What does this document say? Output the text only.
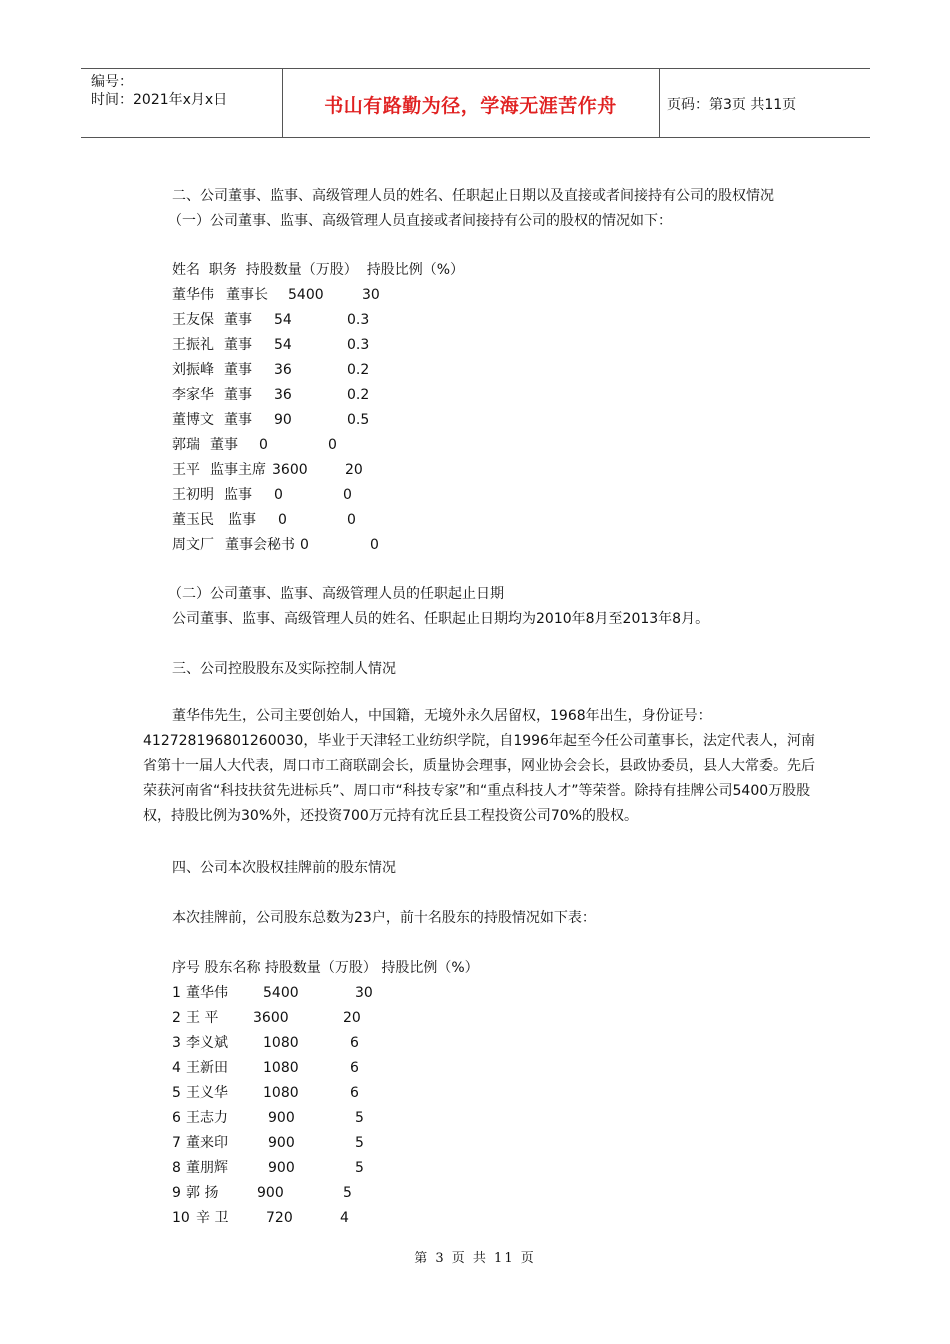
编号：
时间：2021年x月x日	书山有路勤为径，学海无涯苦作舟	页码：第3页 共11页
二、公司董事、监事、高级管理人员的姓名、任职起止日期以及直接或者间接持有公司的股权情况
（一）公司董事、监事、高级管理人员直接或者间接持有公司的股权的情况如下：
姓名  职务  持股数量（万股）  持股比例（%）
董华伟 董事长 5400	30
王友保 董事 54	0.3
王振礼 董事 54	0.3
刘振峰 董事 36	0.2
李家华 董事 36	0.2
董博文 董事 90	0.5
郭瑞 董事 0	0
王平 监事主席 3600	20
王初明 监事 0	0
董玉民 监事 0	0
周文厂 董事会秘书 0	0
（二）公司董事、监事、高级管理人员的任职起止日期
公司董事、监事、高级管理人员的姓名、任职起止日期均为2010年8月至2013年8月。
三、公司控股股东及实际控制人情况
董华伟先生，公司主要创始人，中国籍，无境外永久居留权，1968年出生，身份证号：412728196801260030，毕业于天津轻工业纺织学院，自1996年起至今任公司董事长，法定代表人，河南省第十一届人大代表，周口市工商联副会长，质量协会理事，网业协会会长，县政协委员，县人大常委。先后荣获河南省“科技扶贫先进标兵”、周口市“科技专家”和“重点科技人才”等荣誉。除持有挂牌公司5400万股股权，持股比例为30%外，还投资700万元持有沈丘县工程投资公司70%的股权。
四、公司本次股权挂牌前的股东情况
本次挂牌前，公司股东总数为23户，前十名股东的持股情况如下表：
序号 股东名称 持股数量（万股） 持股比例（%）
1 董华伟	5400	30
2 王 平 3600	20
3 李义斌	1080	6
4 王新田	1080	6
5 王义华	1080	6
6 王志力	900	5
7 董来印	900	5
8 董朋辉	900	5
9 郭 扬	900	5
10 辛 卫	720	4
第 3 页 共 11 页
